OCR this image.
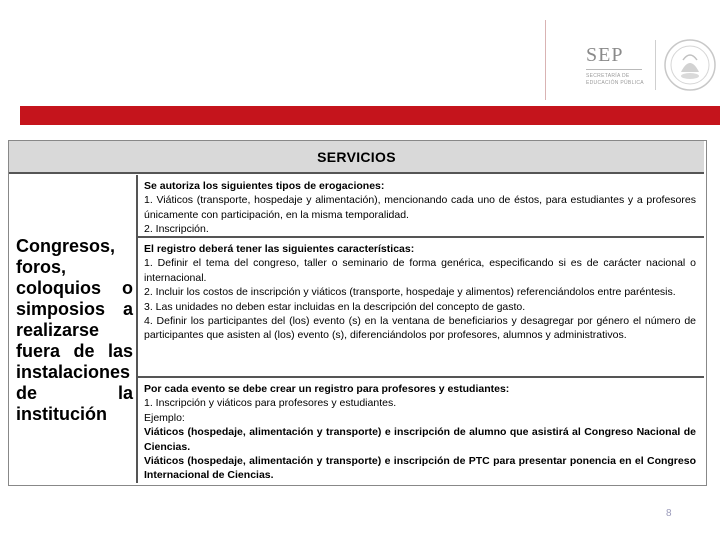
SEP
SECRETARÍA DE
EDUCACIÓN PÚBLICA
SERVICIOS
Congresos,
foros,
coloquios o
simposios a
realizarse
fuera de las
instalaciones
de la
institución
Se autoriza los siguientes tipos de erogaciones:
1. Viáticos (transporte, hospedaje y alimentación), mencionando cada uno de éstos, para estudiantes y a profesores únicamente con participación, en la misma temporalidad.
2. Inscripción.
El registro deberá tener las siguientes características:
1. Definir el tema del congreso, taller o seminario de forma genérica, especificando si es de carácter nacional o internacional.
2. Incluir los costos de inscripción y viáticos (transporte, hospedaje y alimentos) referenciándolos entre paréntesis.
3. Las unidades no deben estar incluidas en la descripción del concepto de gasto.
4. Definir los participantes del (los) evento (s) en la ventana de beneficiarios y desagregar por género el número de participantes que asisten al (los) evento (s), diferenciándolos por profesores, alumnos y administrativos.
Por cada evento se debe crear un registro para profesores y estudiantes:
1. Inscripción y viáticos para profesores y estudiantes.
Ejemplo:
Viáticos (hospedaje, alimentación y transporte) e inscripción de alumno que asistirá al Congreso Nacional de Ciencias.
Viáticos (hospedaje, alimentación y transporte) e inscripción de PTC para presentar ponencia en el Congreso Internacional de Ciencias.
8
